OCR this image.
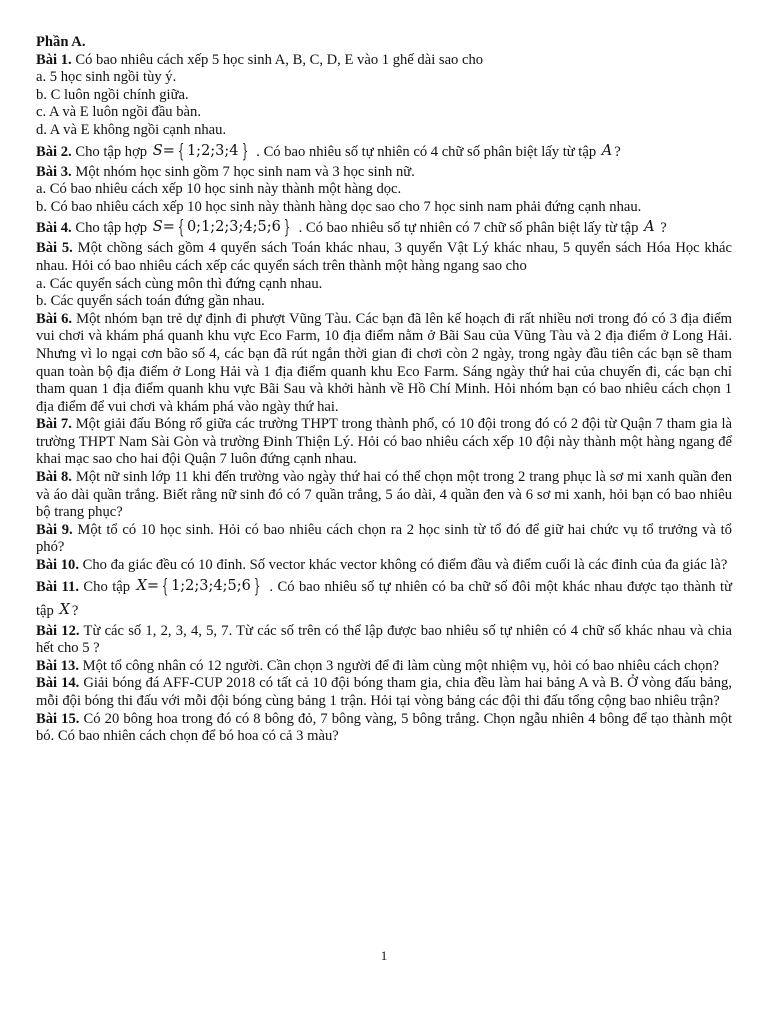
Phần A.

Bài 1. Có bao nhiêu cách xếp 5 học sinh A, B, C, D, E vào 1 ghế dài sao cho

a. 5 học sinh ngồi tùy ý.

b. C luôn ngồi chính giữa.

c. A và E luôn ngồi đầu bàn.

d. A và E không ngồi cạnh nhau.

Bài 2. Cho tập hợp S= { 1;2;3;4 } . Có bao nhiêu số tự nhiên có 4 chữ số phân biệt lấy từ tập A ?

Bài 3. Một nhóm học sinh gồm 7 học sinh nam và 3 học sinh nữ.

a. Có bao nhiêu cách xếp 10 học sinh này thành một hàng dọc.

b. Có bao nhiêu cách xếp 10 học sinh này thành hàng dọc sao cho 7 học sinh nam phải đứng cạnh nhau.

Bài 4. Cho tập hợp S= { 0;1;2;3;4;5;6 } . Có bao nhiêu số tự nhiên có 7 chữ số phân biệt lấy từ tập A ?

Bài 5. Một chồng sách gồm 4 quyển sách Toán khác nhau, 3 quyển Vật Lý khác nhau, 5 quyển sách Hóa Học khác nhau. Hỏi có bao nhiêu cách xếp các quyển sách trên thành một hàng ngang sao cho

a. Các quyển sách cùng môn thì đứng cạnh nhau.

b. Các quyển sách toán đứng gần nhau.

Bài 6. Một nhóm bạn trẻ dự định đi phượt Vũng Tàu. Các bạn đã lên kế hoạch đi rất nhiều nơi trong đó có 3 địa điểm vui chơi và khám phá quanh khu vực Eco Farm, 10 địa điểm nằm ở Bãi Sau của Vũng Tàu và 2 địa điểm ở Long Hải. Nhưng vì lo ngại cơn bão số 4, các bạn đã rút ngắn thời gian đi chơi còn 2 ngày, trong ngày đầu tiên các bạn sẽ tham quan toàn bộ địa điểm ở Long Hải và 1 địa điểm quanh khu Eco Farm. Sáng ngày thứ hai của chuyến đi, các bạn chỉ tham quan 1 địa điểm quanh khu vực Bãi Sau và khởi hành về Hồ Chí Minh. Hỏi nhóm bạn có bao nhiêu cách chọn 1 địa điểm để vui chơi và khám phá vào ngày thứ hai.

Bài 7. Một giải đấu Bóng rổ giữa các trường THPT trong thành phố, có 10 đội trong đó có 2 đội từ Quận 7 tham gia là trường THPT Nam Sài Gòn và trường Đinh Thiện Lý. Hỏi có bao nhiêu cách xếp 10 đội này thành một hàng ngang để khai mạc sao cho hai đội Quận 7 luôn đứng cạnh nhau.

Bài 8. Một nữ sinh lớp 11 khi đến trường vào ngày thứ hai có thể chọn một trong 2 trang phục là sơ mi xanh quần đen và áo dài quần trắng. Biết rằng nữ sinh đó có 7 quần trắng, 5 áo dài, 4 quần đen và 6 sơ mi xanh, hỏi bạn có bao nhiêu bộ trang phục?

Bài 9. Một tổ có 10 học sinh. Hỏi có bao nhiêu cách chọn ra 2 học sinh từ tổ đó để giữ hai chức vụ tổ trưởng và tổ phó?

Bài 10. Cho đa giác đều có 10 đỉnh. Số vector khác vector không có điểm đầu và điểm cuối là các đỉnh của đa giác là?

Bài 11. Cho tập X= { 1;2;3;4;5;6 } . Có bao nhiêu số tự nhiên có ba chữ số đôi một khác nhau được tạo thành từ tập X ?

Bài 12. Từ các số 1, 2, 3, 4, 5, 7. Từ các số trên có thể lập được bao nhiêu số tự nhiên có 4 chữ số khác nhau và chia hết cho 5 ?

Bài 13. Một tổ công nhân có 12 người. Cần chọn 3 người để đi làm cùng một nhiệm vụ, hỏi có bao nhiêu cách chọn?

Bài 14. Giải bóng đá AFF-CUP 2018 có tất cả 10 đội bóng tham gia, chia đều làm hai bảng A và B. Ở vòng đấu bảng, mỗi đội bóng thi đấu với mỗi đội bóng cùng bảng 1 trận. Hỏi tại vòng bảng các đội thi đấu tổng cộng bao nhiêu trận?

Bài 15. Có 20 bông hoa trong đó có 8 bông đỏ, 7 bông vàng, 5 bông trắng. Chọn ngẫu nhiên 4 bông để tạo thành một bó. Có bao nhiên cách chọn để bó hoa có cả 3 màu?

1
